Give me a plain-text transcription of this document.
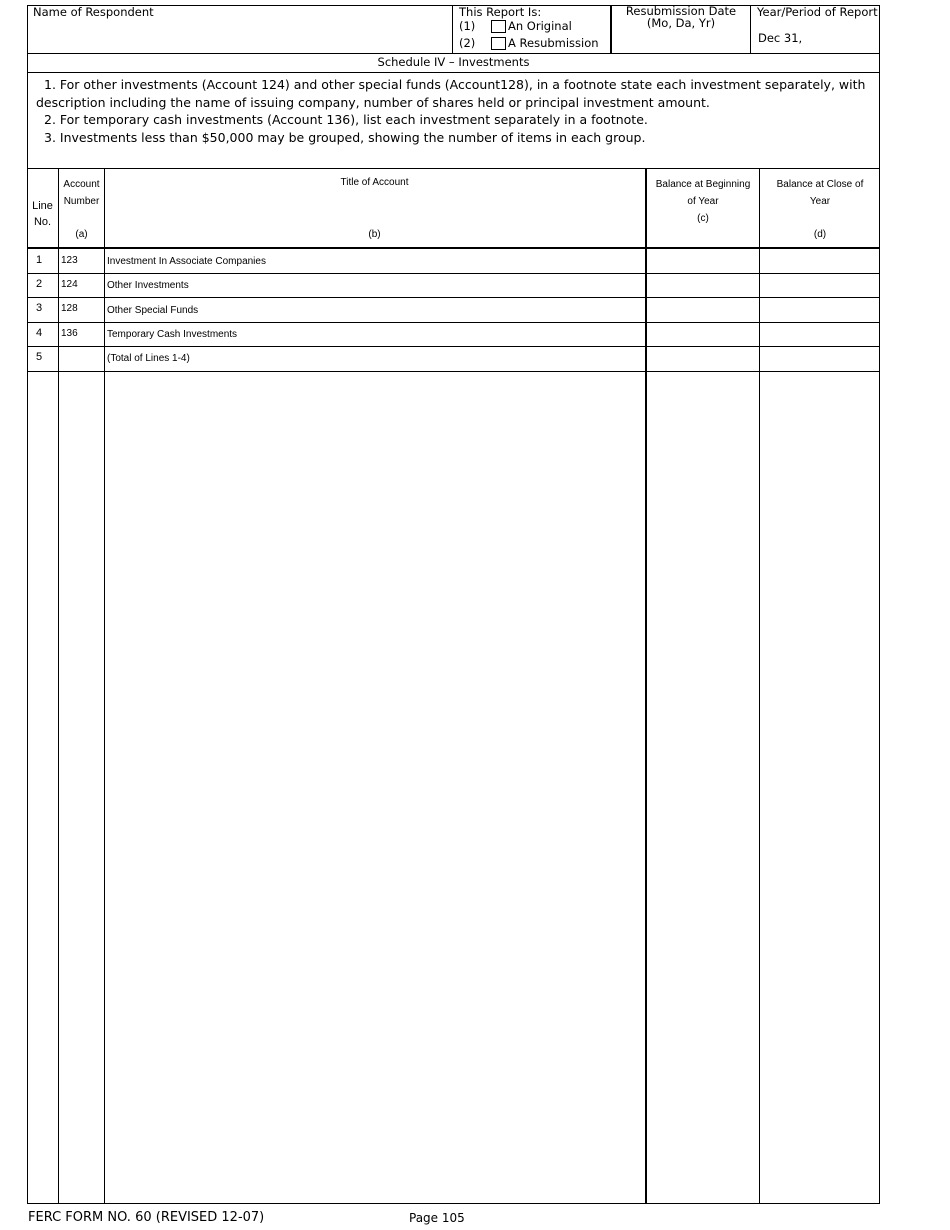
Name of Respondent	This Report Is:
(1)	An Original
(2)	A Resubmission
Resubmission Date
(Mo, Da, Yr)
Year/Period of Report
Dec 31,
Schedule IV – Investments

1. For other investments (Account 124) and other special funds (Account128), in a footnote state each investment separately, with description including the name of issuing company, number of shares held or principal investment amount.

2. For temporary cash investments (Account 136), list each investment separately in a footnote.

3. Investments less than $50,000 may be grouped, showing the number of items in each group.

Line
No.
Account
Number
(a)
Title of Account
(b)
Balance at Beginning
of Year
(c)
Balance at Close of
Year
(d)
1 123	Investment In Associate Companies
2 124	Other Investments
3 128	Other Special Funds
4 136	Temporary Cash Investments
5	(Total of Lines 1-4)
FERC FORM NO. 60 (REVISED 12-07)	Page 105
